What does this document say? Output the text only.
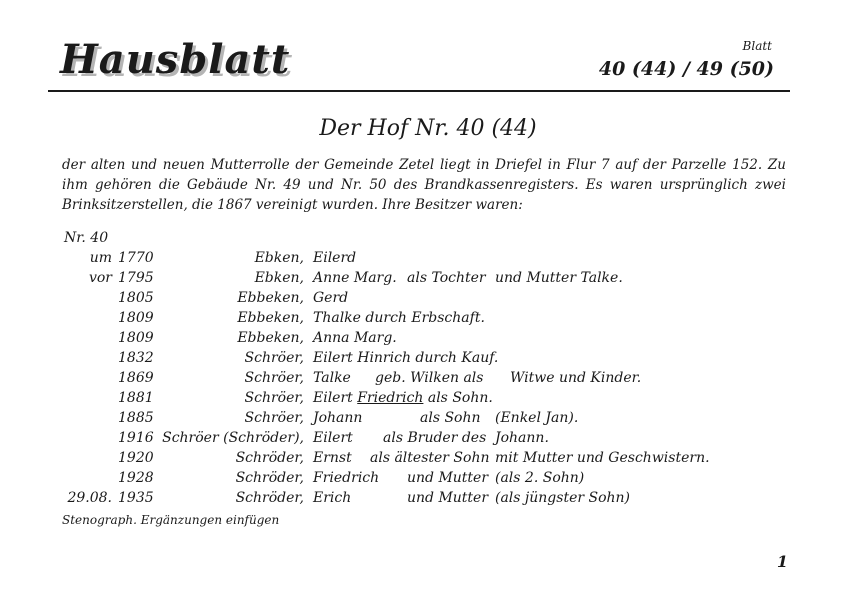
Hausblatt	Blatt
40 (44) / 49 (50)
Der Hof Nr. 40 (44)

der alten und neuen Mutterrolle der Gemeinde Zetel liegt in Driefel in Flur 7 auf der Parzelle 152. Zu ihm gehören die Gebäude Nr. 49 und Nr. 50 des Brandkassenregisters. Es waren ursprünglich zwei Brinksitzerstellen, die 1867 vereinigt wurden. Ihre Besitzer waren:

Nr. 40
um 1770	Ebken, Eilerd
vor 1795	Ebken, Anne Marg. als Tochter und Mutter Talke.
1805	Ebbeken, Gerd
1809	Ebbeken, Thalke durch Erbschaft.
1809	Ebbeken, Anna Marg.
1832	Schröer, Eilert Hinrich durch Kauf.
1869	Schröer, Talke geb. Wilken als Witwe und Kinder.
1881	Schröer, Eilert Friedrich als Sohn.
1885	Schröer, Johann	als Sohn (Enkel Jan).
1916 Schröer (Schröder), Eilert als Bruder des Johann.
1920	Schröder, Ernst als ältester Sohn mit Mutter und Geschwistern.
1928	Schröder, Friedrich und Mutter (als 2. Sohn)
29.08. 1935	Schröder, Erich	und Mutter (als jüngster Sohn)
Stenograph. Ergänzungen einfügen
1
